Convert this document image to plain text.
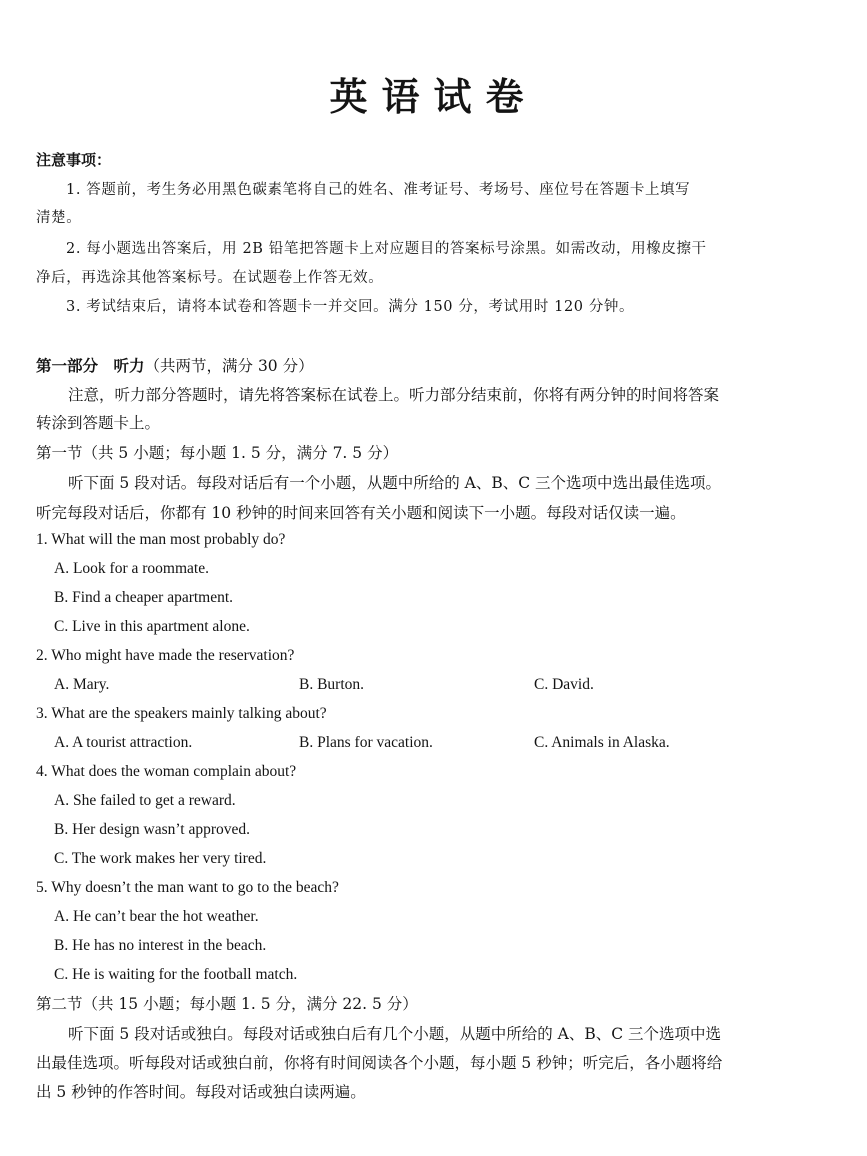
英语试卷
注意事项：
1. 答题前，考生务必用黑色碳素笔将自己的姓名、准考证号、考场号、座位号在答题卡上填写
清楚。
2. 每小题选出答案后，用 2B 铅笔把答题卡上对应题目的答案标号涂黑。如需改动，用橡皮擦干
净后，再选涂其他答案标号。在试题卷上作答无效。
3. 考试结束后，请将本试卷和答题卡一并交回。满分 150 分，考试用时 120 分钟。
第一部分　听力（共两节，满分 30 分）
注意，听力部分答题时，请先将答案标在试卷上。听力部分结束前，你将有两分钟的时间将答案
转涂到答题卡上。
第一节（共 5 小题；每小题 1. 5 分，满分 7. 5 分）
听下面 5 段对话。每段对话后有一个小题，从题中所给的 A、B、C 三个选项中选出最佳选项。
听完每段对话后，你都有 10 秒钟的时间来回答有关小题和阅读下一小题。每段对话仅读一遍。
1. What will the man most probably do?
A. Look for a roommate.
B. Find a cheaper apartment.
C. Live in this apartment alone.
2. Who might have made the reservation?
A. Mary.	B. Burton.	C. David.
3. What are the speakers mainly talking about?
A. A tourist attraction.	B. Plans for vacation.	C. Animals in Alaska.
4. What does the woman complain about?
A. She failed to get a reward.
B. Her design wasn’t approved.
C. The work makes her very tired.
5. Why doesn’t the man want to go to the beach?
A. He can’t bear the hot weather.
B. He has no interest in the beach.
C. He is waiting for the football match.
第二节（共 15 小题；每小题 1. 5 分，满分 22. 5 分）
听下面 5 段对话或独白。每段对话或独白后有几个小题，从题中所给的 A、B、C 三个选项中选
出最佳选项。听每段对话或独白前，你将有时间阅读各个小题，每小题 5 秒钟；听完后，各小题将给
出 5 秒钟的作答时间。每段对话或独白读两遍。
